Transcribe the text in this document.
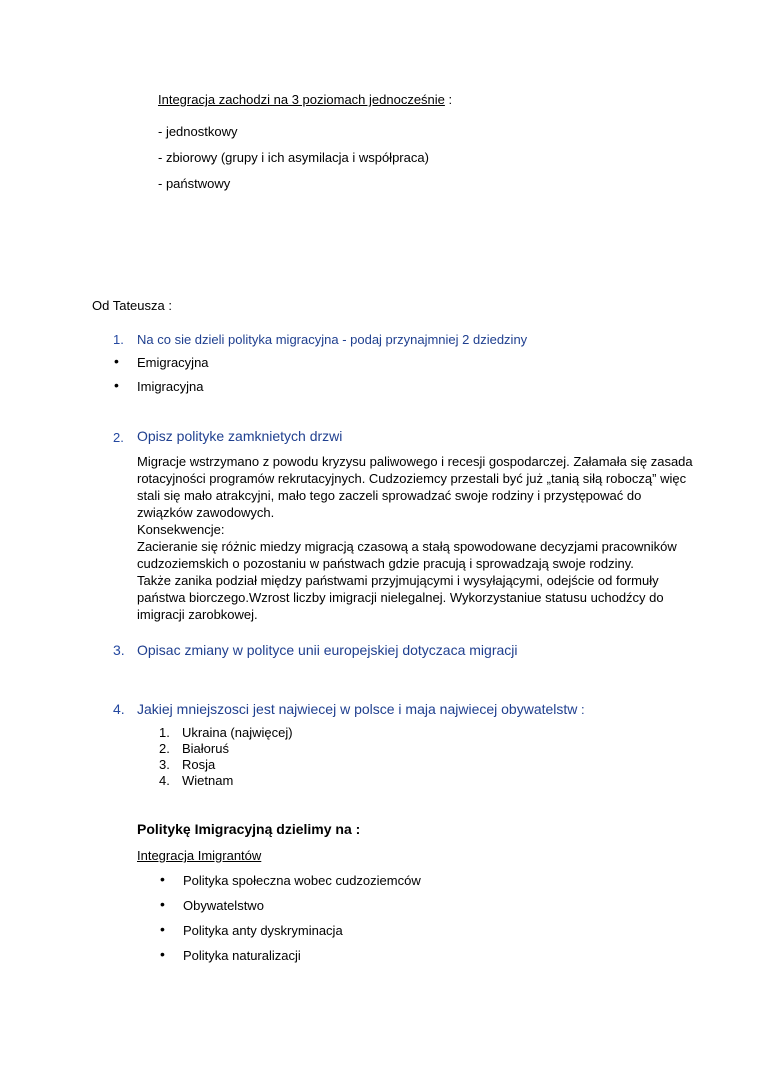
Integracja zachodzi na 3 poziomach jednocześnie :
- jednostkowy
- zbiorowy (grupy i ich asymilacja i współpraca)
- państwowy
Od Tateusza :
1. Na co sie dzieli polityka migracyjna - podaj przynajmniej 2 dziedziny
• Emigracyjna
• Imigracyjna
2. Opisz polityke zamknietych drzwi
Migracje wstrzymano z powodu kryzysu paliwowego i recesji gospodarczej. Załamała się zasada
rotacyjności programów rekrutacyjnych. Cudzoziemcy przestali być już „tanią siłą roboczą” więc
stali się mało atrakcyjni, mało tego zaczeli sprowadzać swoje rodziny i przystępować do
związków zawodowych.
Konsekwencje:
Zacieranie się różnic miedzy migracją czasową a stałą spowodowane decyzjami pracowników
cudzoziemskich o pozostaniu w państwach gdzie pracują i sprowadzają swoje rodziny.
Także zanika podział między państwami przyjmującymi i wysyłającymi, odejście od formuły
państwa biorczego.Wzrost liczby imigracji nielegalnej. Wykorzystaniue statusu uchodźcy do
imigracji zarobkowej.
3. Opisac zmiany w polityce unii europejskiej dotyczaca migracji
4. Jakiej mniejszosci jest najwiecej w polsce i maja najwiecej obywatelstw :
1. Ukraina (najwięcej)
2. Białoruś
3. Rosja
4. Wietnam
Politykę Imigracyjną dzielimy na :
Integracja Imigrantów
• Polityka społeczna wobec cudzoziemców
• Obywatelstwo
• Polityka anty dyskryminacja
• Polityka naturalizacji
